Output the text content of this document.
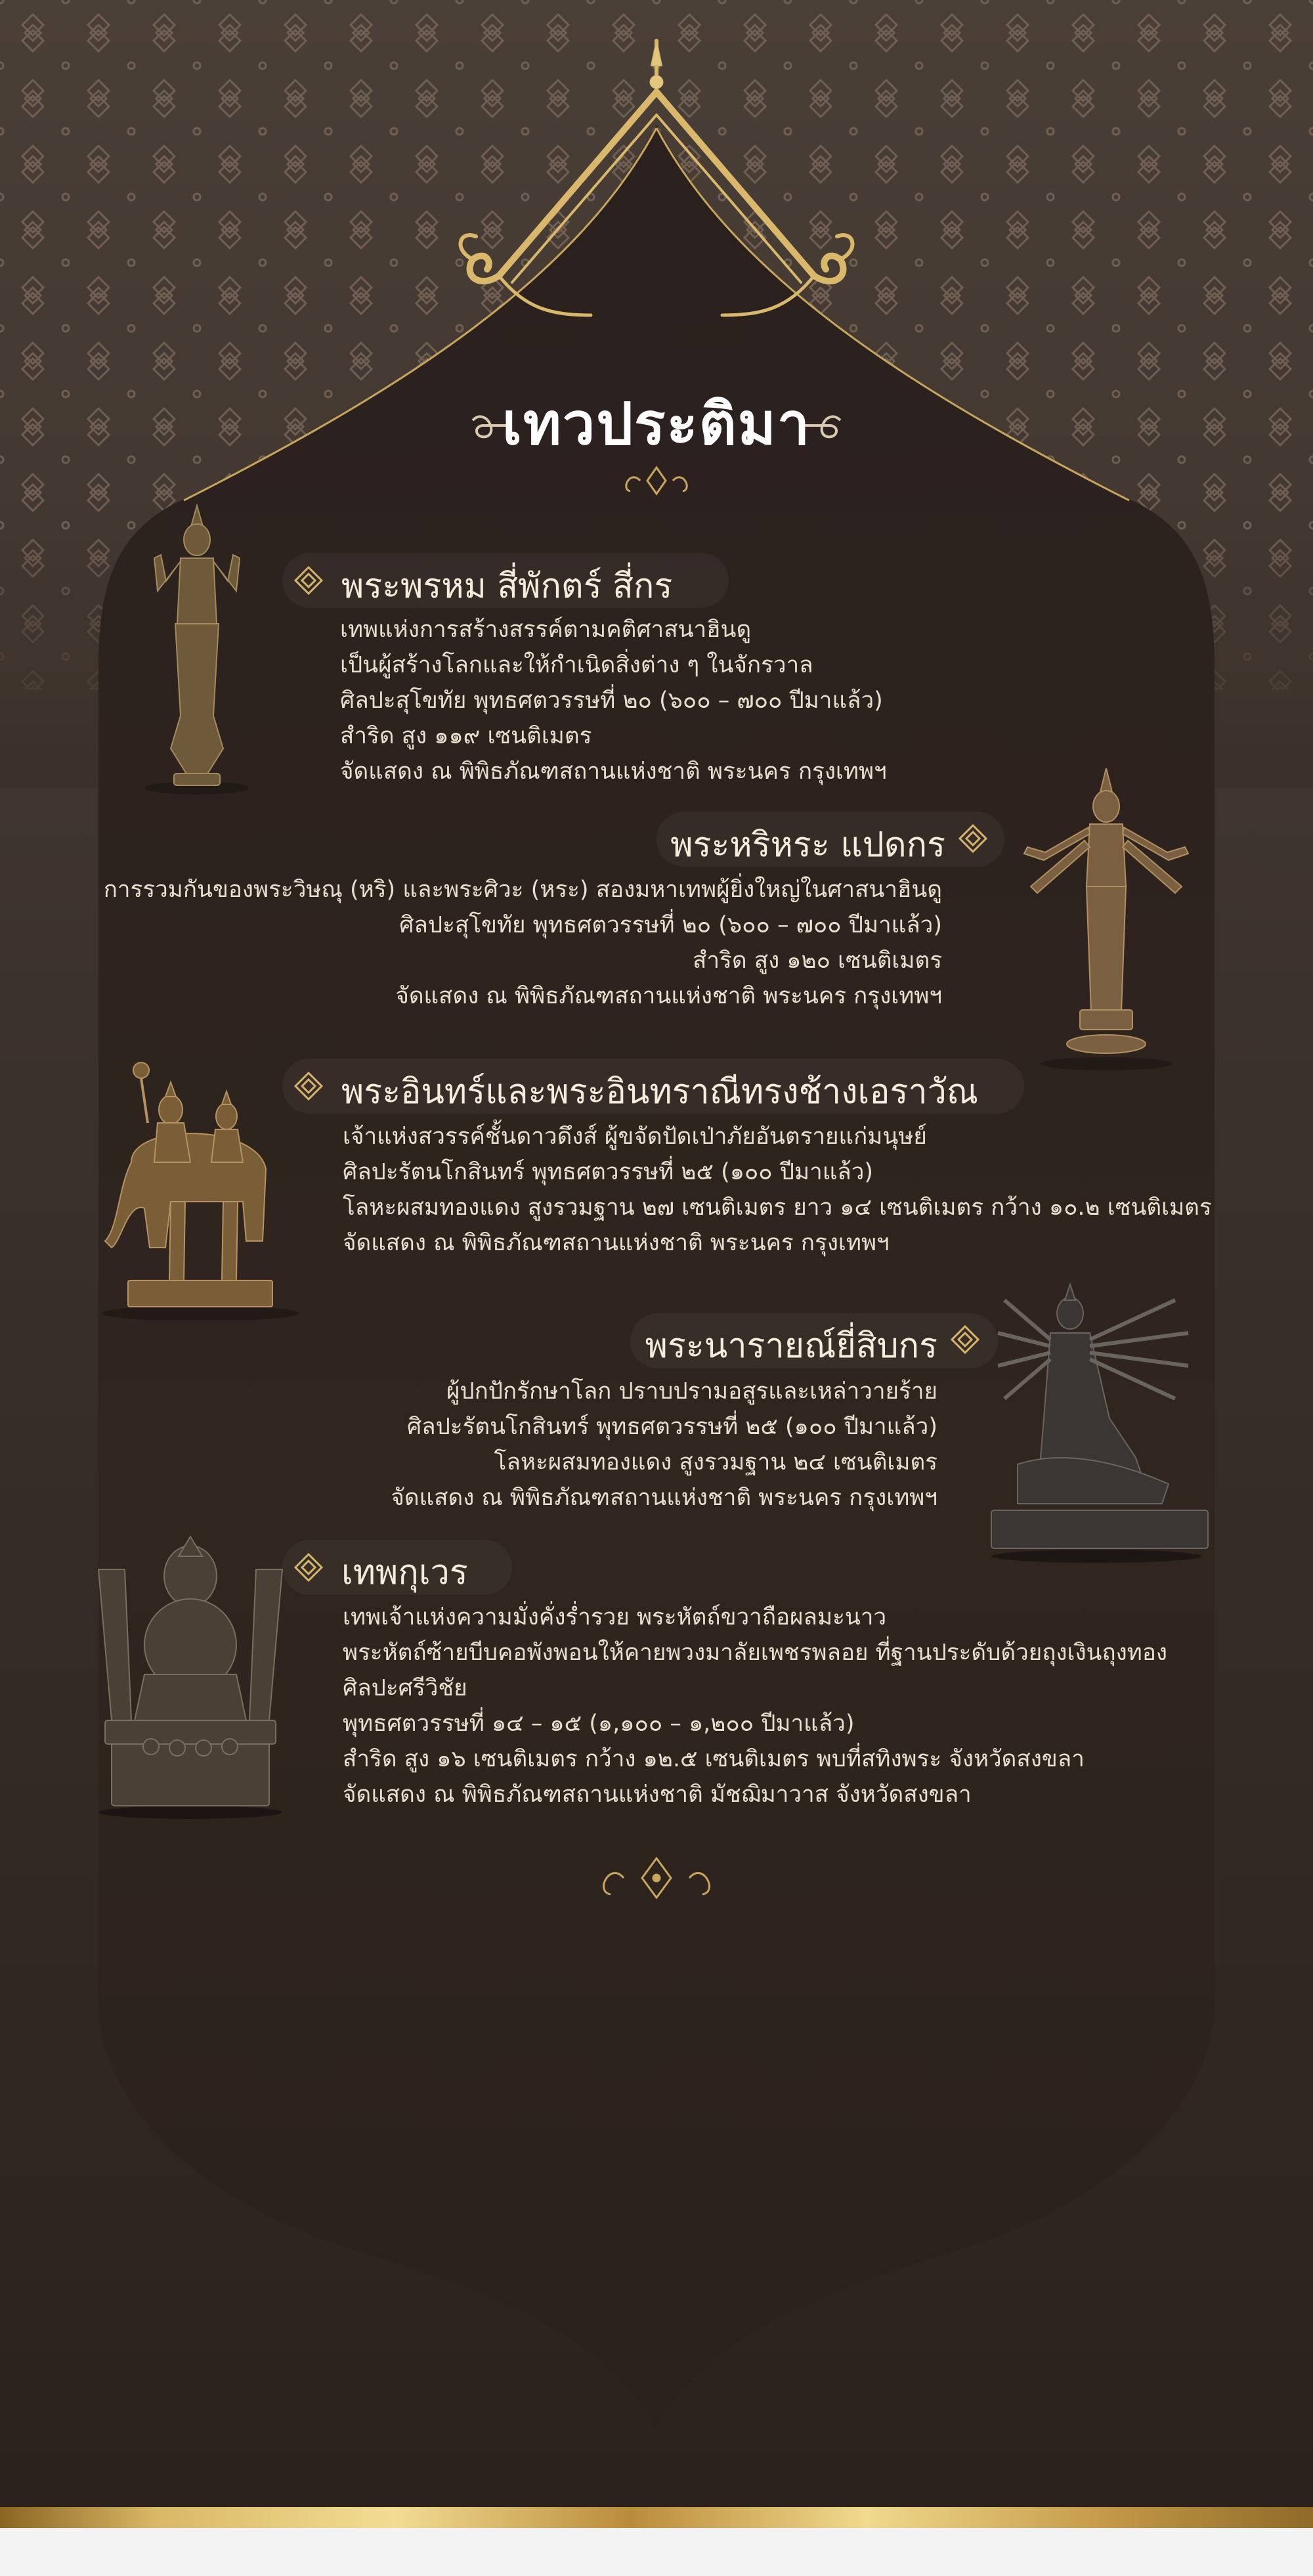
เทวประติมา
พระพรหม สี่พักตร์ สี่กร
เทพแห่งการสร้างสรรค์ตามคติศาสนาฮินดู
เป็นผู้สร้างโลกและให้กำเนิดสิ่งต่าง ๆ ในจักรวาล
ศิลปะสุโขทัย พุทธศตวรรษที่ ๒๐ (๖๐๐ – ๗๐๐ ปีมาแล้ว)
สำริด สูง ๑๑๙ เซนติเมตร
จัดแสดง ณ พิพิธภัณฑสถานแห่งชาติ พระนคร กรุงเทพฯ
พระหริหระ แปดกร
การรวมกันของพระวิษณุ (หริ) และพระศิวะ (หระ) สองมหาเทพผู้ยิ่งใหญ่ในศาสนาฮินดู
ศิลปะสุโขทัย พุทธศตวรรษที่ ๒๐ (๖๐๐ – ๗๐๐ ปีมาแล้ว)
สำริด สูง ๑๒๐ เซนติเมตร
จัดแสดง ณ พิพิธภัณฑสถานแห่งชาติ พระนคร กรุงเทพฯ
พระอินทร์และพระอินทราณีทรงช้างเอราวัณ
เจ้าแห่งสวรรค์ชั้นดาวดึงส์ ผู้ขจัดปัดเป่าภัยอันตรายแก่มนุษย์
ศิลปะรัตนโกสินทร์ พุทธศตวรรษที่ ๒๕ (๑๐๐ ปีมาแล้ว)
โลหะผสมทองแดง สูงรวมฐาน ๒๗ เซนติเมตร ยาว ๑๔ เซนติเมตร กว้าง ๑๐.๒ เซนติเมตร
จัดแสดง ณ พิพิธภัณฑสถานแห่งชาติ พระนคร กรุงเทพฯ
พระนารายณ์ยี่สิบกร
ผู้ปกปักรักษาโลก ปราบปรามอสูรและเหล่าวายร้าย
ศิลปะรัตนโกสินทร์ พุทธศตวรรษที่ ๒๕ (๑๐๐ ปีมาแล้ว)
โลหะผสมทองแดง สูงรวมฐาน ๒๔ เซนติเมตร
จัดแสดง ณ พิพิธภัณฑสถานแห่งชาติ พระนคร กรุงเทพฯ
เทพกุเวร
เทพเจ้าแห่งความมั่งคั่งร่ำรวย พระหัตถ์ขวาถือผลมะนาว
พระหัตถ์ซ้ายบีบคอพังพอนให้คายพวงมาลัยเพชรพลอย ที่ฐานประดับด้วยถุงเงินถุงทอง
ศิลปะศรีวิชัย
พุทธศตวรรษที่ ๑๔ – ๑๕ (๑,๑๐๐ – ๑,๒๐๐ ปีมาแล้ว)
สำริด สูง ๑๖ เซนติเมตร กว้าง ๑๒.๕ เซนติเมตร พบที่สทิงพระ จังหวัดสงขลา
จัดแสดง ณ พิพิธภัณฑสถานแห่งชาติ มัชฌิมาวาส จังหวัดสงขลา
